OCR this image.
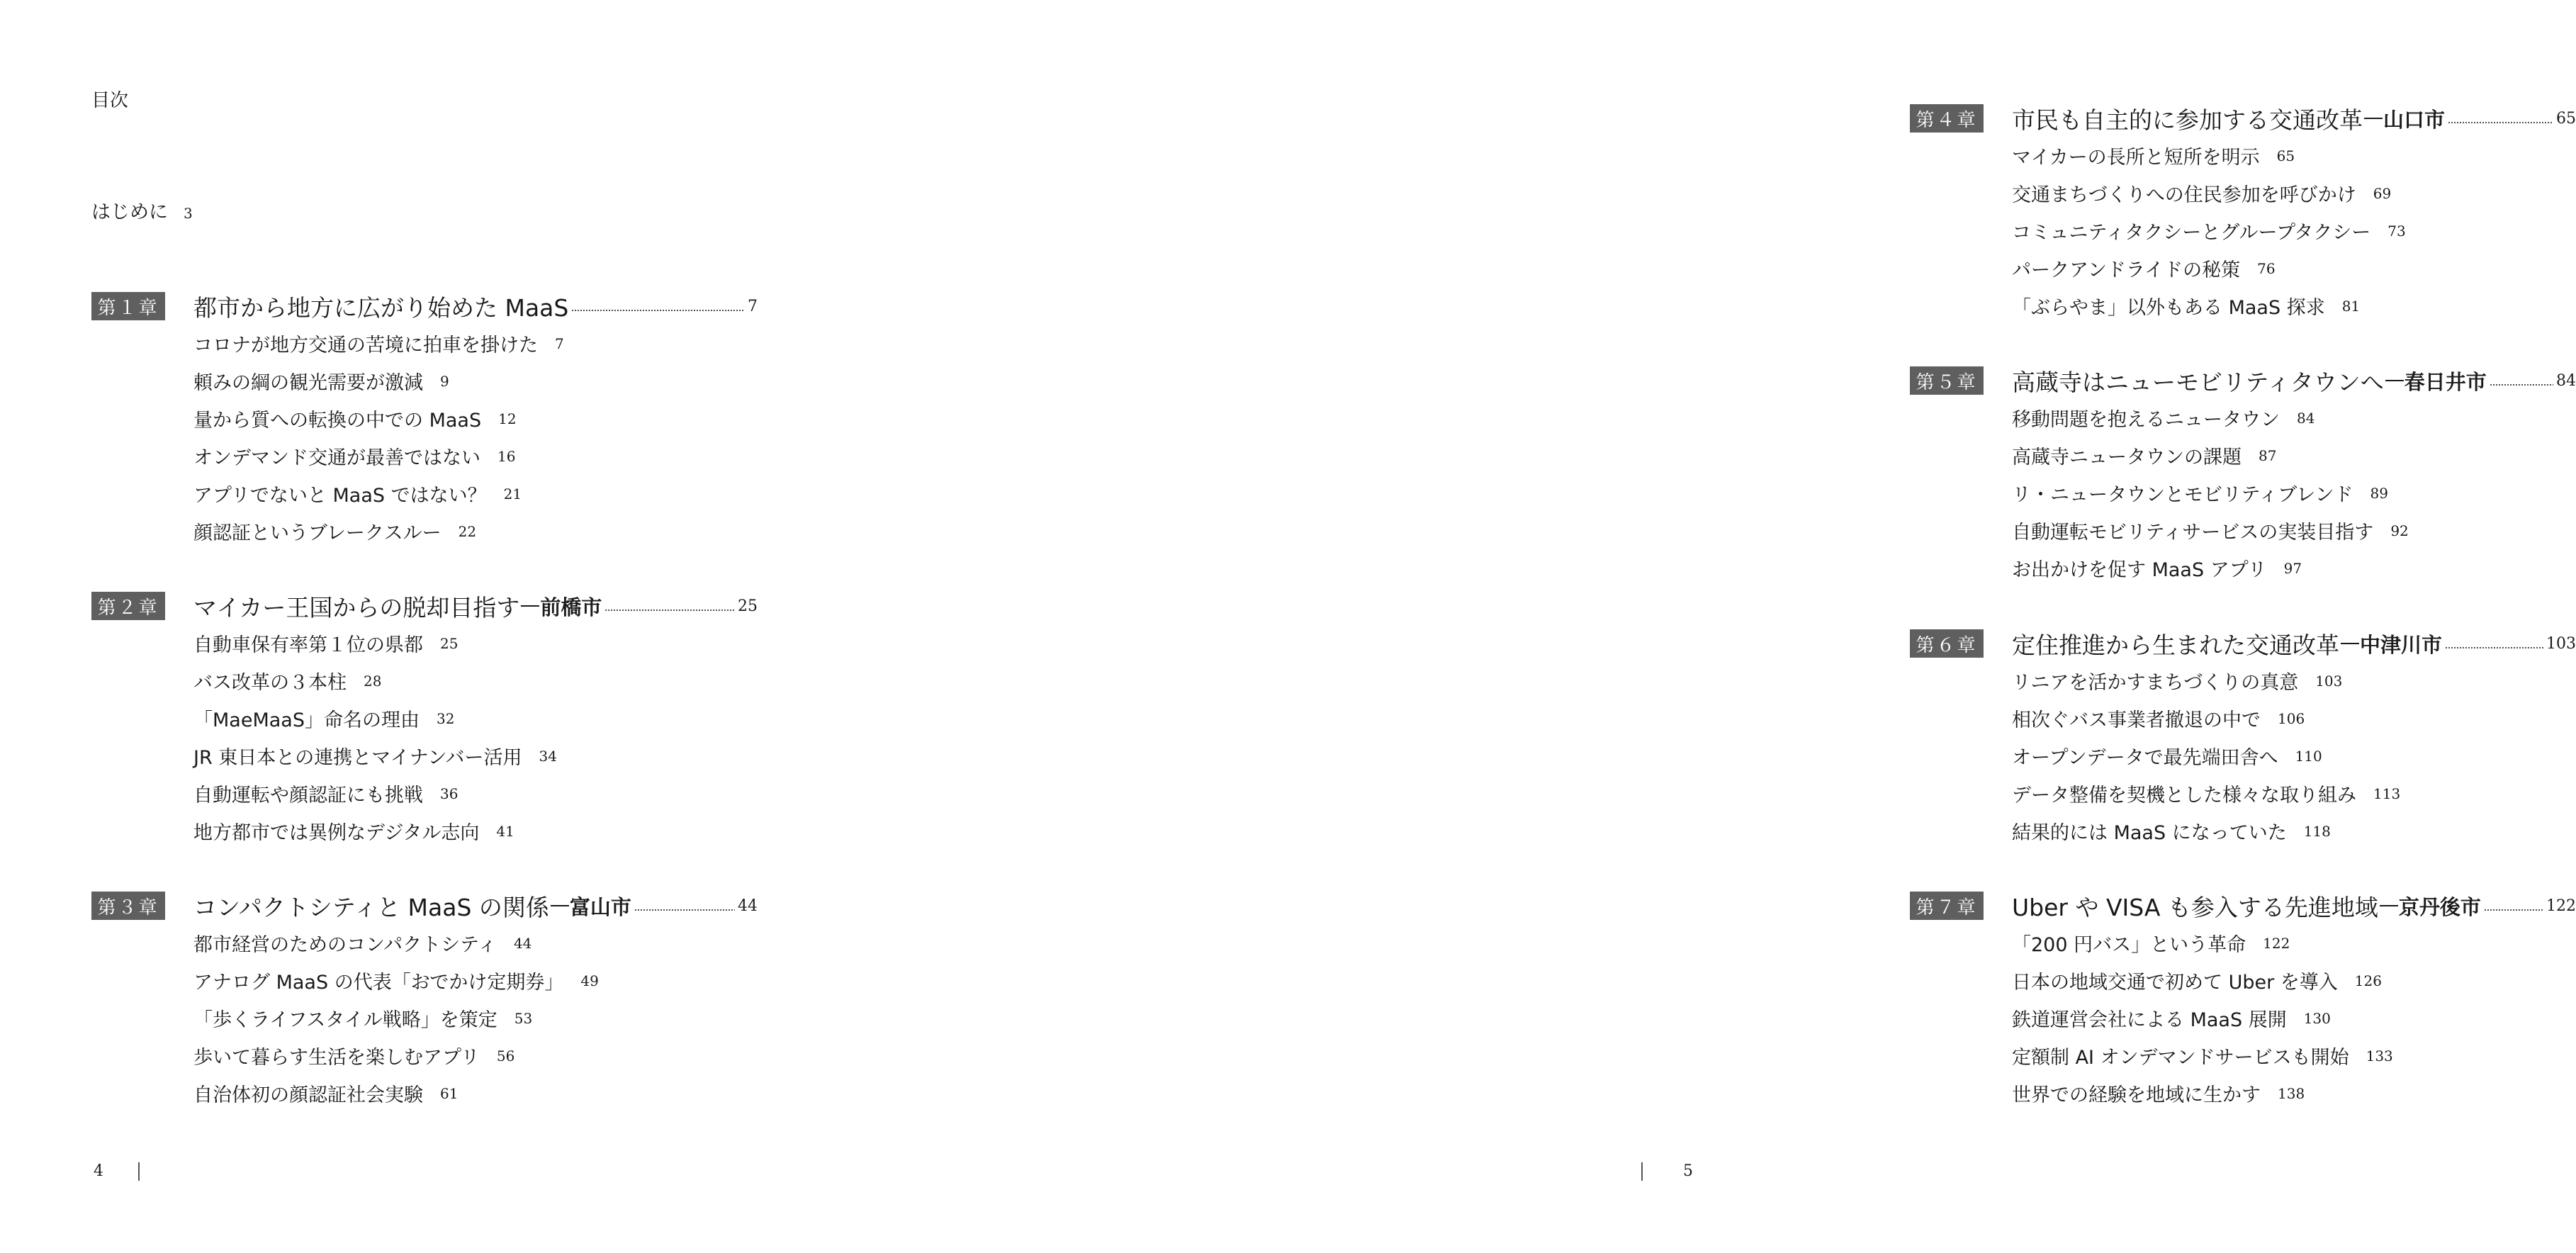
目次
はじめに 3
第１章 都市から地方に広がり始めた MaaS	7
コロナが地方交通の苦境に拍車を掛けた 7
頼みの綱の観光需要が激減 9
量から質への転換の中での MaaS 12
オンデマンド交通が最善ではない 16
アプリでないと MaaS ではない？ 21
顔認証というブレークスルー 22
第２章 マイカー王国からの脱却目指す 前橋市	25
自動車保有率第１位の県都 25
バス改革の３本柱 28
「MaeMaaS」命名の理由 32
JR 東日本との連携とマイナンバー活用 34
自動運転や顔認証にも挑戦 36
地方都市では異例なデジタル志向 41
第３章 コンパクトシティと MaaS の関係 富山市	44
都市経営のためのコンパクトシティ 44
アナログ MaaS の代表「おでかけ定期券」 49
「歩くライフスタイル戦略」を策定 53
歩いて暮らす生活を楽しむアプリ 56
自治体初の顔認証社会実験 61
4
第４章 市民も自主的に参加する交通改革 山口市	65
マイカーの長所と短所を明示 65
交通まちづくりへの住民参加を呼びかけ 69
コミュニティタクシーとグループタクシー 73
パークアンドライドの秘策 76
「ぶらやま」以外もある MaaS 探求 81
第５章 高蔵寺はニューモビリティタウンへ 春日井市	84
移動問題を抱えるニュータウン 84
高蔵寺ニュータウンの課題 87
リ・ニュータウンとモビリティブレンド 89
自動運転モビリティサービスの実装目指す 92
お出かけを促す MaaS アプリ 97
第６章 定住推進から生まれた交通改革 中津川市	103
リニアを活かすまちづくりの真意 103
相次ぐバス事業者撤退の中で 106
オープンデータで最先端田舎へ 110
データ整備を契機とした様々な取り組み 113
結果的には MaaS になっていた 118
第７章 Uber や VISA も参入する先進地域 京丹後市	122
「200 円バス」という革命 122
日本の地域交通で初めて Uber を導入 126
鉄道運営会社による MaaS 展開 130
定額制 AI オンデマンドサービスも開始 133
世界での経験を地域に生かす 138
5
